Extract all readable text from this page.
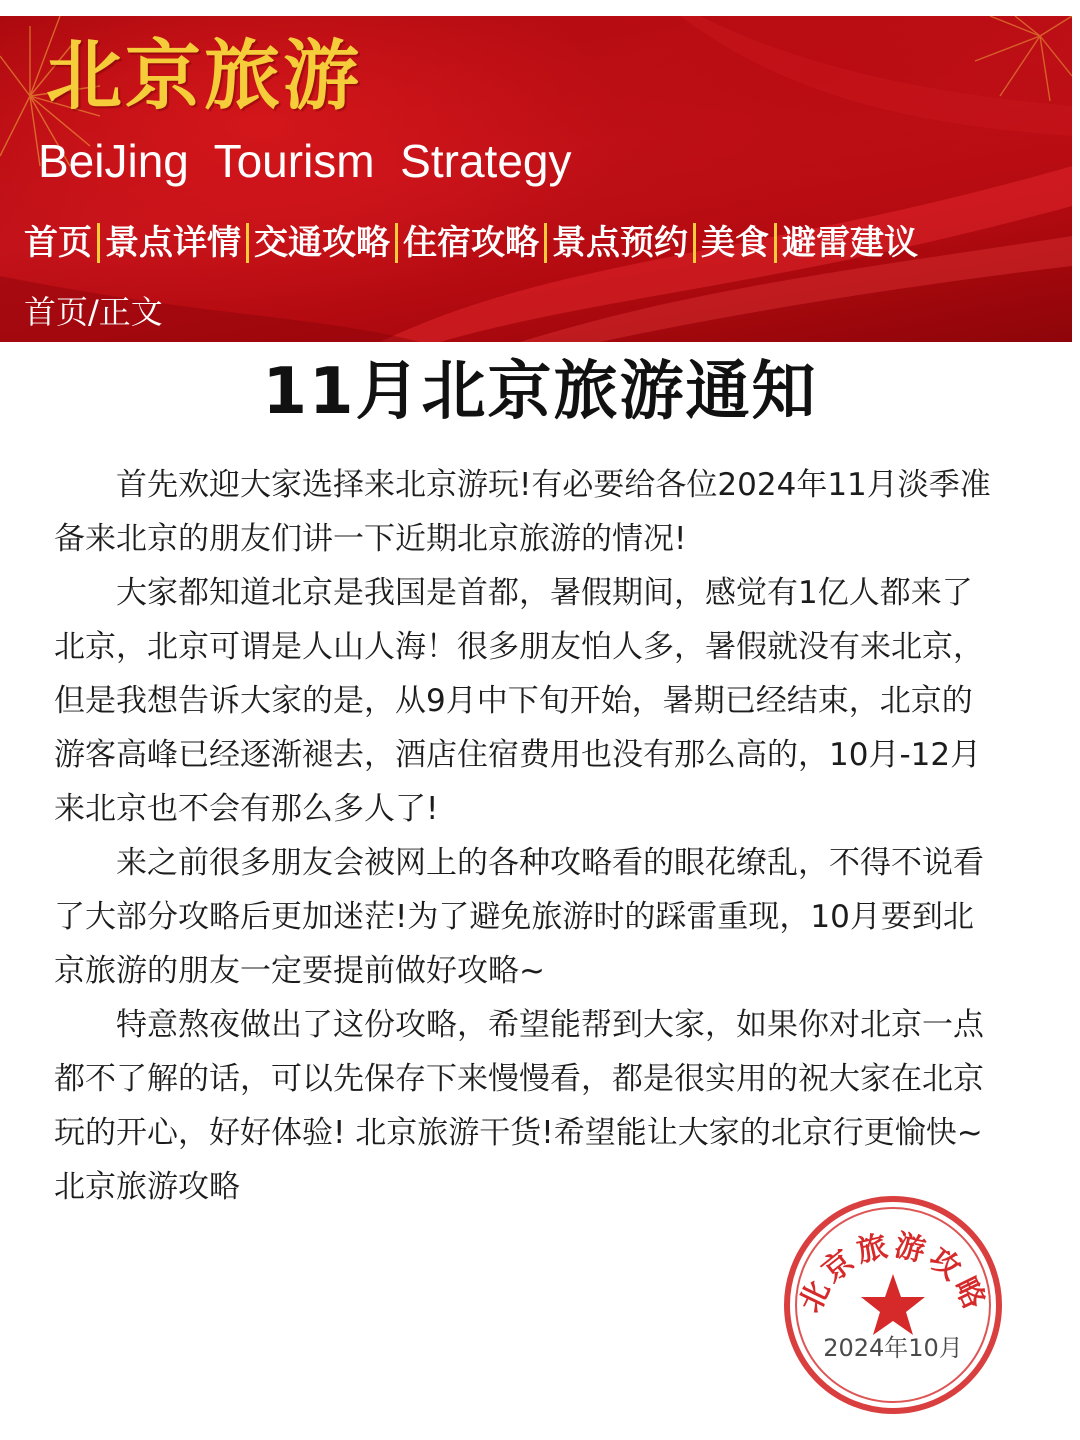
北京旅游
BeiJing  Tourism  Strategy
首页 景点详情 交通攻略 住宿攻略 景点预约 美食 避雷建议
首页/正文
11月北京旅游通知

首先欢迎大家选择来北京游玩!有必要给各位2024年11月淡季准备来北京的朋友们讲一下近期北京旅游的情况!

大家都知道北京是我国是首都，暑假期间，感觉有1亿人都来了北京，北京可谓是人山人海！很多朋友怕人多，暑假就没有来北京，但是我想告诉大家的是，从9月中下旬开始，暑期已经结束，北京的游客高峰已经逐渐褪去，酒店住宿费用也没有那么高的，10月-12月来北京也不会有那么多人了!

来之前很多朋友会被网上的各种攻略看的眼花缭乱，不得不说看了大部分攻略后更加迷茫!为了避免旅游时的踩雷重现，10月要到北京旅游的朋友一定要提前做好攻略~

特意熬夜做出了这份攻略，希望能帮到大家，如果你对北京一点都不了解的话，可以先保存下来慢慢看，都是很实用的祝大家在北京玩的开心，好好体验! 北京旅游干货!希望能让大家的北京行更愉快~ 北京旅游攻略

北京旅游攻略
2024年10月
